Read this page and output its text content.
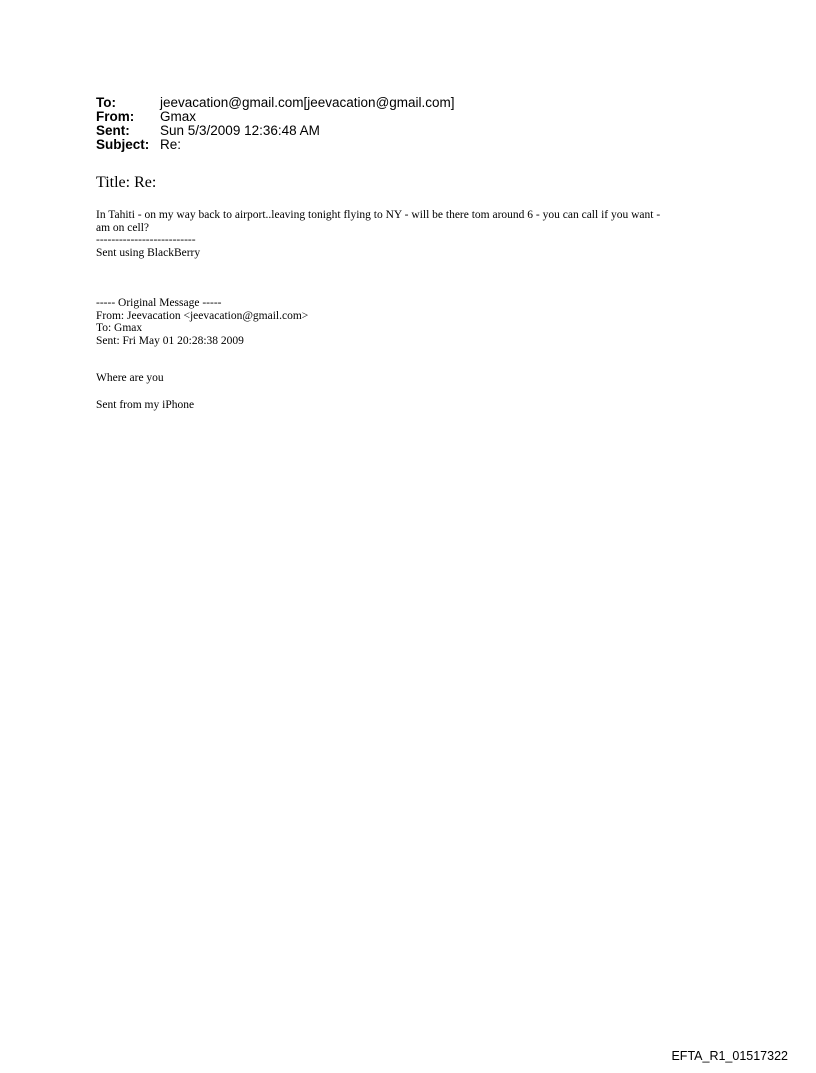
To:	jeevacation@gmail.com[jeevacation@gmail.com]
From:	Gmax
Sent:	Sun 5/3/2009 12:36:48 AM
Subject: Re:
Title: Re:
In Tahiti - on my way back to airport..leaving tonight flying to NY - will be there tom around 6 - you can call if you want -
am on cell?
--------------------------
Sent using BlackBerry
----- Original Message -----
From: Jeevacation <jeevacation@gmail.com>
To: Gmax
Sent: Fri May 01 20:28:38 2009
Where are you
Sent from my iPhone
EFTA_R1_01517322
